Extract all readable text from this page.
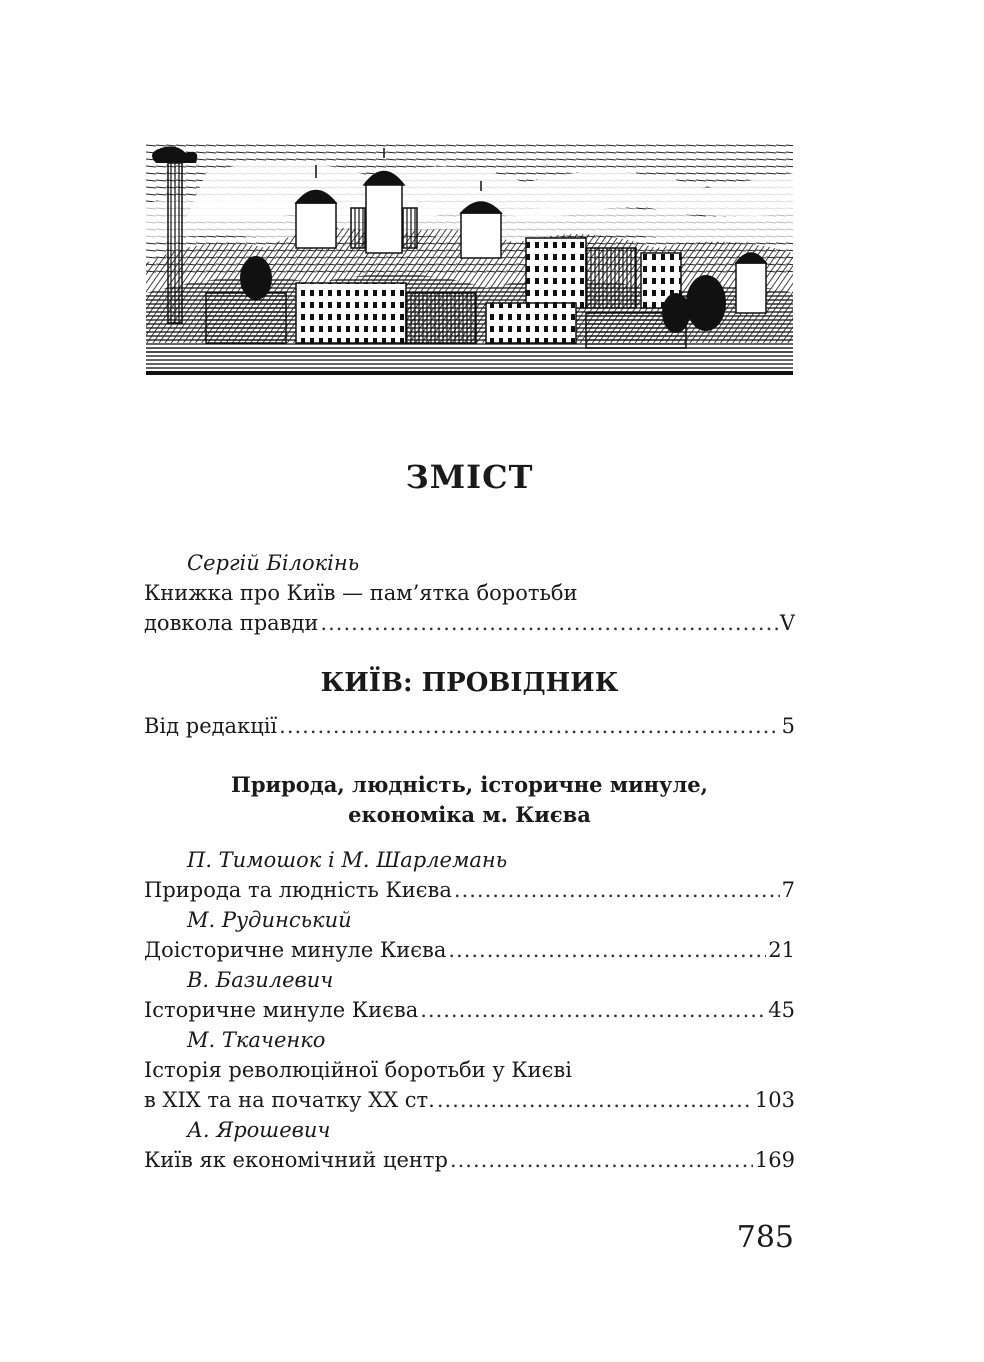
ЗМІСТ
Сергій Білокінь
Книжка про Київ — пам’ятка боротьби
довкола правди .....	V
КИЇВ: ПРОВІДНИК
Від редакції .....	5
Природа, людність, історичне минуле,
економіка м. Києва
П. Тимошок і М. Шарлемань
Природа та людність Києва .....	7
М. Рудинський
Доісторичне минуле Києва .....	21
В. Базилевич
Історичне минуле Києва .....	45
М. Ткаченко
Історія революційної боротьби у Києві
в ХІХ та на початку ХХ ст. .....	103
А. Ярошевич
Київ як економічний центр .....	169
785
